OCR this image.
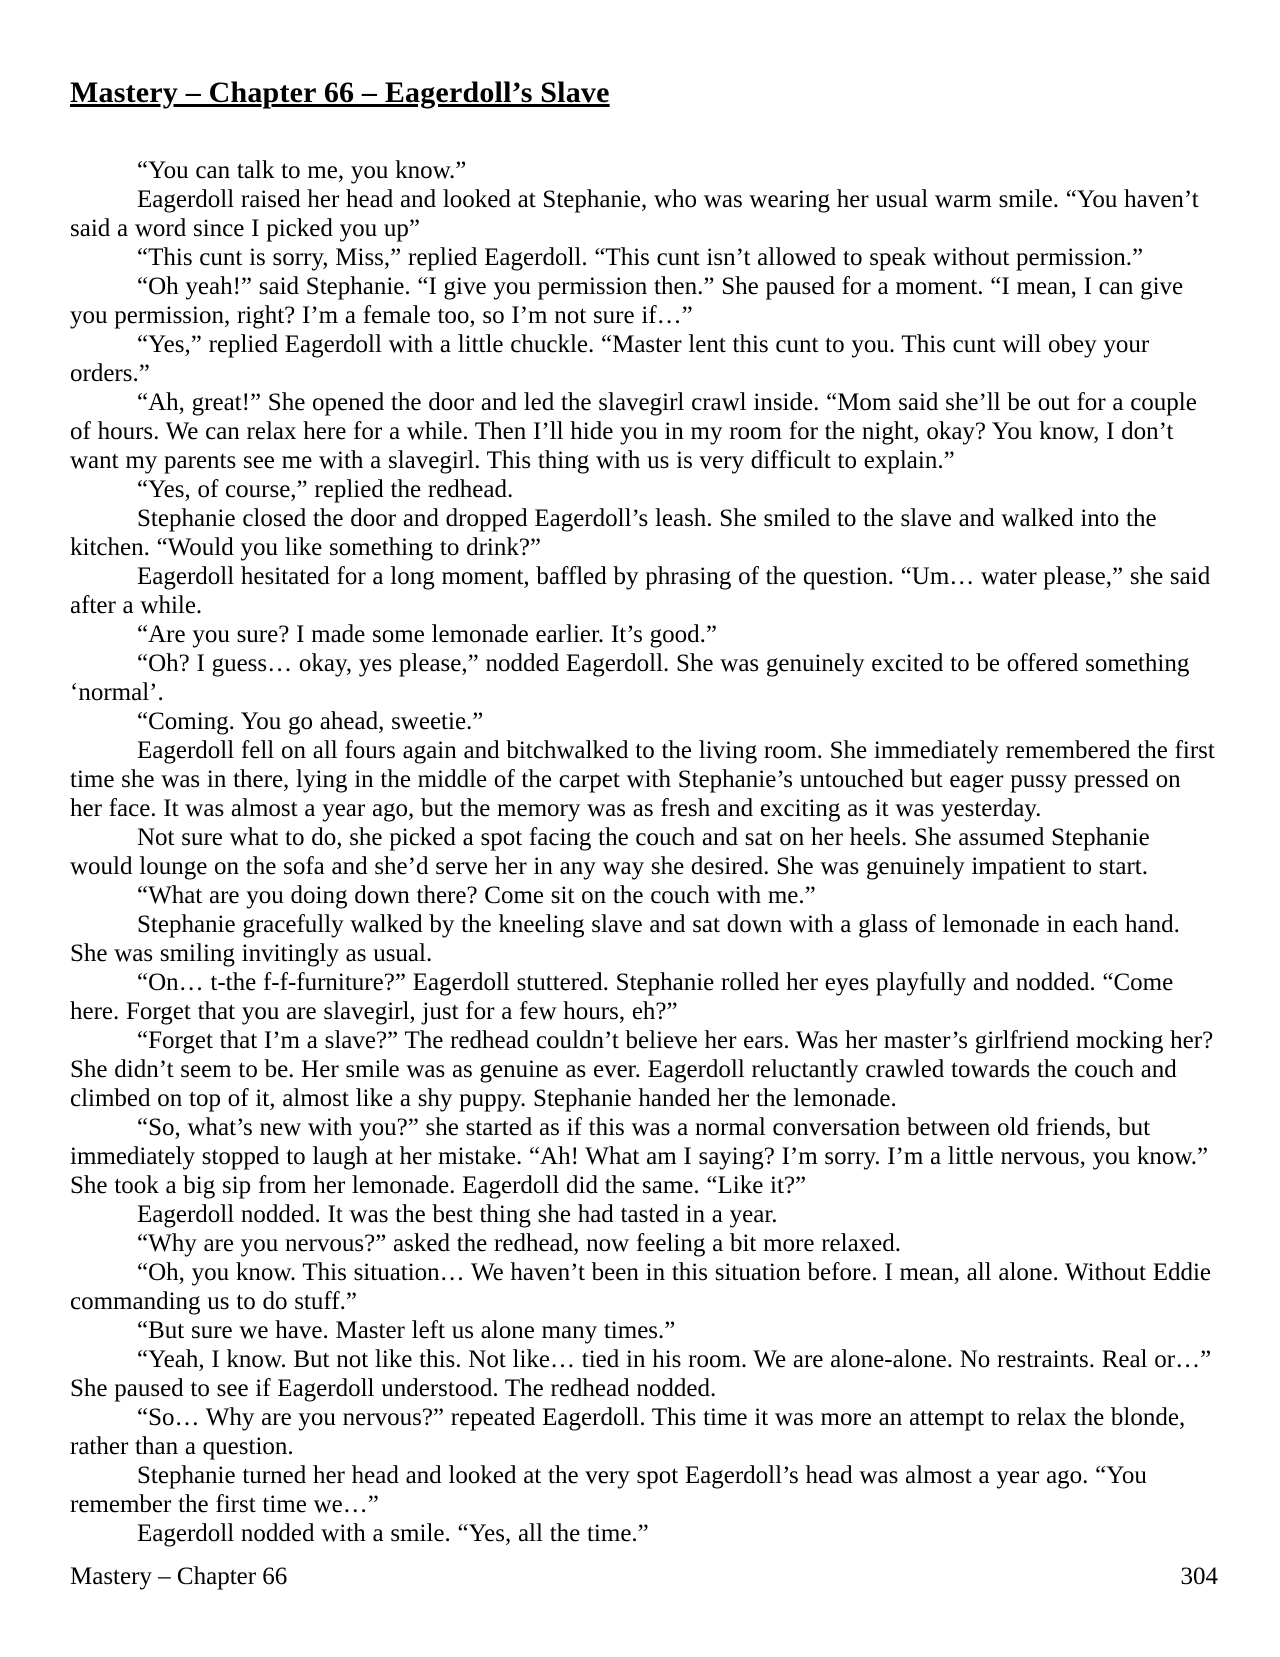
Mastery – Chapter 66 – Eagerdoll’s Slave

“You can talk to me, you know.”

Eagerdoll raised her head and looked at Stephanie, who was wearing her usual warm smile. “You haven’t said a word since I picked you up”

“This cunt is sorry, Miss,” replied Eagerdoll. “This cunt isn’t allowed to speak without permission.”

“Oh yeah!” said Stephanie. “I give you permission then.” She paused for a moment. “I mean, I can give you permission, right? I’m a female too, so I’m not sure if…”

“Yes,” replied Eagerdoll with a little chuckle. “Master lent this cunt to you. This cunt will obey your orders.”

“Ah, great!” She opened the door and led the slavegirl crawl inside. “Mom said she’ll be out for a couple of hours. We can relax here for a while. Then I’ll hide you in my room for the night, okay? You know, I don’t want my parents see me with a slavegirl. This thing with us is very difficult to explain.”

“Yes, of course,” replied the redhead.

Stephanie closed the door and dropped Eagerdoll’s leash. She smiled to the slave and walked into the kitchen. “Would you like something to drink?”

Eagerdoll hesitated for a long moment, baffled by phrasing of the question. “Um… water please,” she said after a while.

“Are you sure? I made some lemonade earlier. It’s good.”

“Oh? I guess… okay, yes please,” nodded Eagerdoll. She was genuinely excited to be offered something ‘normal’.

“Coming. You go ahead, sweetie.”

Eagerdoll fell on all fours again and bitchwalked to the living room. She immediately remembered the first time she was in there, lying in the middle of the carpet with Stephanie’s untouched but eager pussy pressed on her face. It was almost a year ago, but the memory was as fresh and exciting as it was yesterday.

Not sure what to do, she picked a spot facing the couch and sat on her heels. She assumed Stephanie would lounge on the sofa and she’d serve her in any way she desired. She was genuinely impatient to start.

“What are you doing down there? Come sit on the couch with me.”

Stephanie gracefully walked by the kneeling slave and sat down with a glass of lemonade in each hand. She was smiling invitingly as usual.

“On… t-the f-f-furniture?” Eagerdoll stuttered. Stephanie rolled her eyes playfully and nodded. “Come here. Forget that you are slavegirl, just for a few hours, eh?”

“Forget that I’m a slave?” The redhead couldn’t believe her ears. Was her master’s girlfriend mocking her? She didn’t seem to be. Her smile was as genuine as ever. Eagerdoll reluctantly crawled towards the couch and climbed on top of it, almost like a shy puppy. Stephanie handed her the lemonade.

“So, what’s new with you?” she started as if this was a normal conversation between old friends, but immediately stopped to laugh at her mistake. “Ah! What am I saying? I’m sorry. I’m a little nervous, you know.” She took a big sip from her lemonade. Eagerdoll did the same. “Like it?”

Eagerdoll nodded. It was the best thing she had tasted in a year.

“Why are you nervous?” asked the redhead, now feeling a bit more relaxed.

“Oh, you know. This situation… We haven’t been in this situation before. I mean, all alone. Without Eddie commanding us to do stuff.”

“But sure we have. Master left us alone many times.”

“Yeah, I know. But not like this. Not like… tied in his room. We are alone-alone. No restraints. Real or…” She paused to see if Eagerdoll understood. The redhead nodded.

“So… Why are you nervous?” repeated Eagerdoll. This time it was more an attempt to relax the blonde, rather than a question.

Stephanie turned her head and looked at the very spot Eagerdoll’s head was almost a year ago. “You remember the first time we…”

Eagerdoll nodded with a smile. “Yes, all the time.”

Mastery – Chapter 66	304
